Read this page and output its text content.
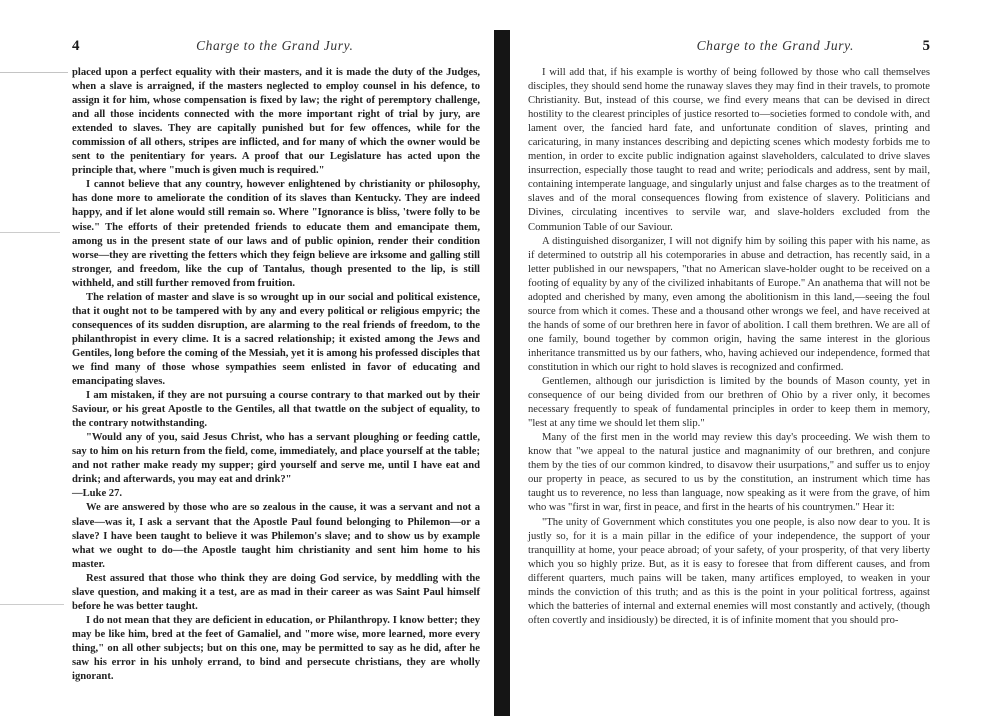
4	Charge to the Grand Jury.

placed upon a perfect equality with their masters, and it is made the duty of the Judges, when a slave is arraigned, if the masters neglected to employ counsel in his defence, to assign it for him, whose compensation is fixed by law; the right of peremptory challenge, and all those incidents connected with the more important right of trial by jury, are extended to slaves. They are capitally punished but for few offences, while for the commission of all others, stripes are inflicted, and for many of which the owner would be sent to the penitentiary for years. A proof that our Legislature has acted upon the principle that, where "much is given much is required."

I cannot believe that any country, however enlightened by christianity or philosophy, has done more to ameliorate the condition of its slaves than Kentucky. They are indeed happy, and if let alone would still remain so. Where "Ignorance is bliss, 'twere folly to be wise." The efforts of their pretended friends to educate them and emancipate them, among us in the present state of our laws and of public opinion, render their condition worse—they are rivetting the fetters which they feign believe are irksome and galling still stronger, and freedom, like the cup of Tantalus, though presented to the lip, is still withheld, and still further removed from fruition.

The relation of master and slave is so wrought up in our social and political existence, that it ought not to be tampered with by any and every political or religious empyric; the consequences of its sudden disruption, are alarming to the real friends of freedom, to the philanthropist in every clime. It is a sacred relationship; it existed among the Jews and Gentiles, long before the coming of the Messiah, yet it is among his professed disciples that we find many of those whose sympathies seem enlisted in favor of educating and emancipating slaves.

I am mistaken, if they are not pursuing a course contrary to that marked out by their Saviour, or his great Apostle to the Gentiles, all that twattle on the subject of equality, to the contrary notwithstanding.

"Would any of you, said Jesus Christ, who has a servant ploughing or feeding cattle, say to him on his return from the field, come, immediately, and place yourself at the table; and not rather make ready my supper; gird yourself and serve me, until I have eat and drink; and afterwards, you may eat and drink?"

—Luke 27.

We are answered by those who are so zealous in the cause, it was a servant and not a slave—was it, I ask a servant that the Apostle Paul found belonging to Philemon—or a slave? I have been taught to believe it was Philemon's slave; and to show us by example what we ought to do—the Apostle taught him christianity and sent him home to his master.

Rest assured that those who think they are doing God service, by meddling with the slave question, and making it a test, are as mad in their career as was Saint Paul himself before he was better taught.

I do not mean that they are deficient in education, or Philanthropy. I know better; they may be like him, bred at the feet of Gamaliel, and "more wise, more learned, more every thing," on all other subjects; but on this one, may be permitted to say as he did, after he saw his error in his unholy errand, to bind and persecute christians, they are wholly ignorant.

Charge to the Grand Jury.	5

I will add that, if his example is worthy of being followed by those who call themselves disciples, they should send home the runaway slaves they may find in their travels, to promote Christianity. But, instead of this course, we find every means that can be devised in direct hostility to the clearest principles of justice resorted to—societies formed to condole with, and lament over, the fancied hard fate, and unfortunate condition of slaves, printing and caricaturing, in many instances describing and depicting scenes which modesty forbids me to mention, in order to excite public indignation against slaveholders, calculated to drive slaves insurrection, especially those taught to read and write; periodicals and address, sent by mail, containing intemperate language, and singularly unjust and false charges as to the treatment of slaves and of the moral consequences flowing from existence of slavery. Politicians and Divines, circulating incentives to servile war, and slave-holders excluded from the Communion Table of our Saviour.

A distinguished disorganizer, I will not dignify him by soiling this paper with his name, as if determined to outstrip all his cotemporaries in abuse and detraction, has recently said, in a letter published in our newspapers, "that no American slave-holder ought to be received on a footing of equality by any of the civilized inhabitants of Europe." An anathema that will not be adopted and cherished by many, even among the abolitionism in this land,—seeing the foul source from which it comes. These and a thousand other wrongs we feel, and have received at the hands of some of our brethren here in favor of abolition. I call them brethren. We are all of one family, bound together by common origin, having the same interest in the glorious inheritance transmitted us by our fathers, who, having achieved our independence, formed that constitution in which our right to hold slaves is recognized and confirmed.

Gentlemen, although our jurisdiction is limited by the bounds of Mason county, yet in consequence of our being divided from our brethren of Ohio by a river only, it becomes necessary frequently to speak of fundamental principles in order to keep them in memory, "lest at any time we should let them slip."

Many of the first men in the world may review this day's proceeding. We wish them to know that "we appeal to the natural justice and magnanimity of our brethren, and conjure them by the ties of our common kindred, to disavow their usurpations," and suffer us to enjoy our property in peace, as secured to us by the constitution, an instrument which time has taught us to reverence, no less than language, now speaking as it were from the grave, of him who was "first in war, first in peace, and first in the hearts of his countrymen." Hear it:

"The unity of Government which constitutes you one people, is also now dear to you. It is justly so, for it is a main pillar in the edifice of your independence, the support of your tranquillity at home, your peace abroad; of your safety, of your prosperity, of that very liberty which you so highly prize. But, as it is easy to foresee that from different causes, and from different quarters, much pains will be taken, many artifices employed, to weaken in your minds the conviction of this truth; and as this is the point in your political fortress, against which the batteries of internal and external enemies will most constantly and actively, (though often covertly and insidiously) be directed, it is of infinite moment that you should pro-
